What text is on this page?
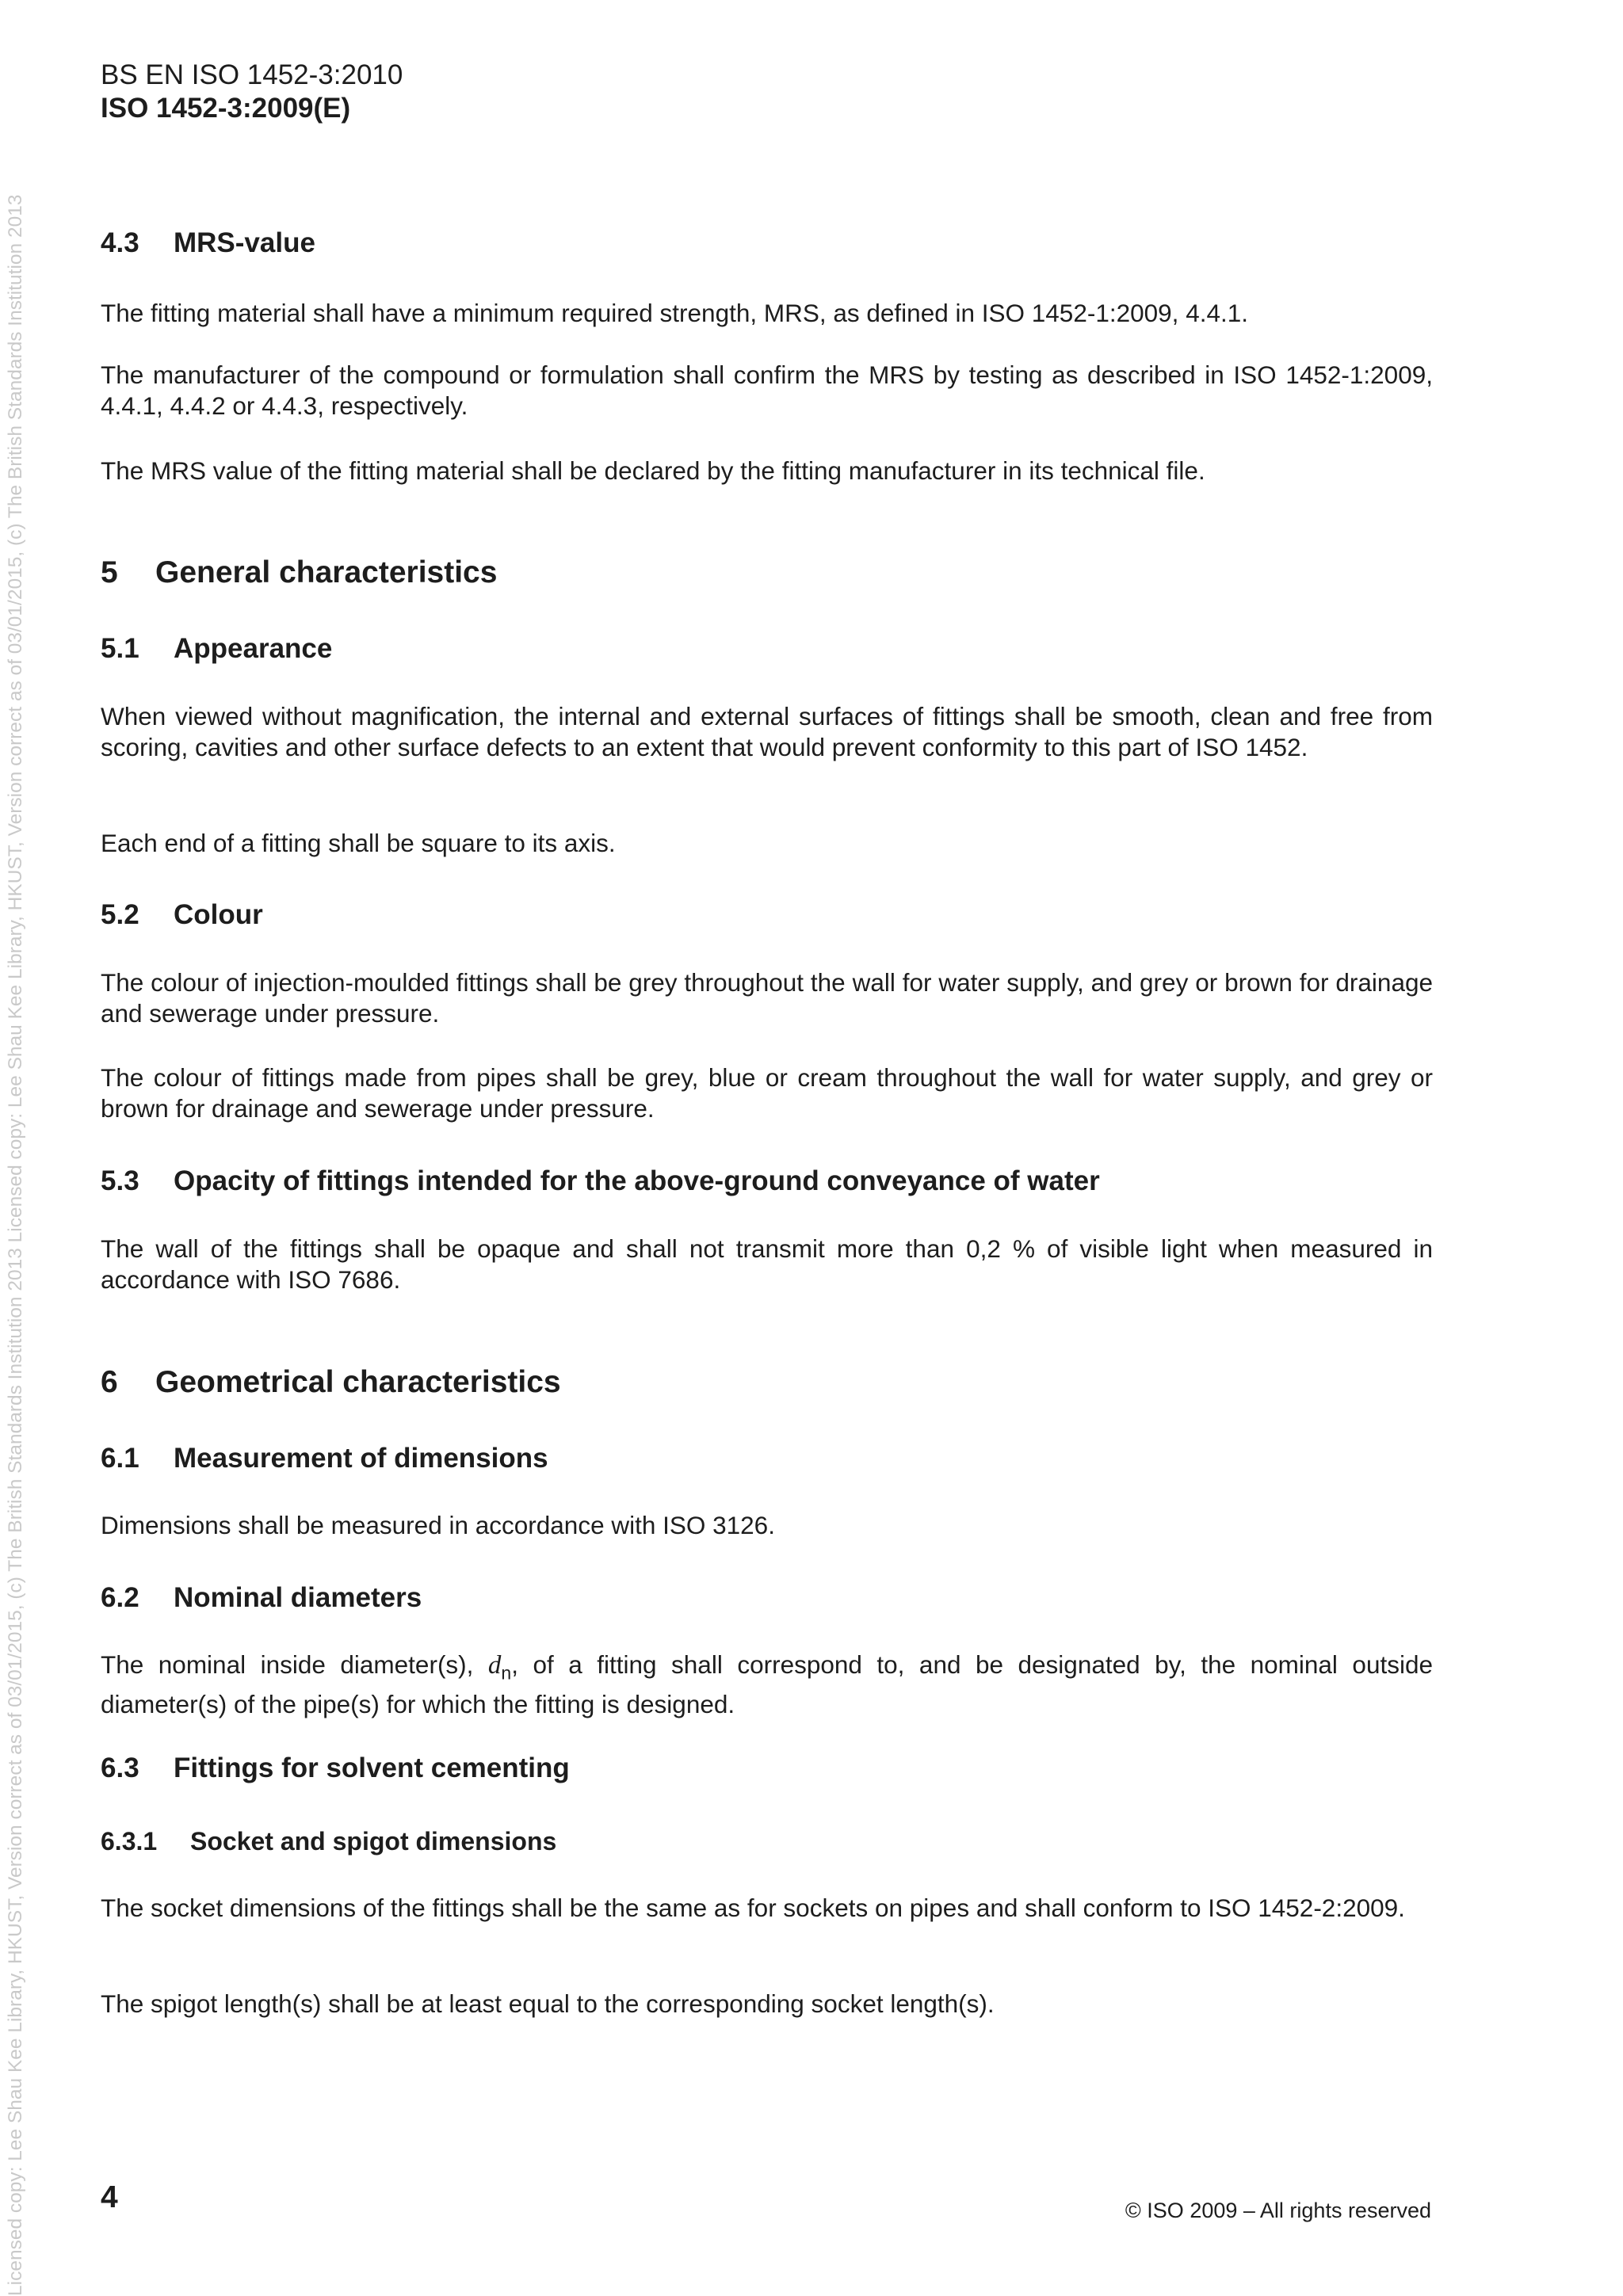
Licensed copy: Lee Shau Kee Library, HKUST, Version correct as of 03/01/2015, (c) The British Standards Institution 2013 Licensed copy: Lee Shau Kee Library, HKUST, Version correct as of 03/01/2015, (c) The British Standards Institution 2013
BS EN ISO 1452-3:2010
ISO 1452-3:2009(E)
4.3 MRS-value

The fitting material shall have a minimum required strength, MRS, as defined in ISO 1452-1:2009, 4.4.1.

The manufacturer of the compound or formulation shall confirm the MRS by testing as described in ISO 1452-1:2009, 4.4.1, 4.4.2 or 4.4.3, respectively.

The MRS value of the fitting material shall be declared by the fitting manufacturer in its technical file.

5 General characteristics
5.1 Appearance

When viewed without magnification, the internal and external surfaces of fittings shall be smooth, clean and free from scoring, cavities and other surface defects to an extent that would prevent conformity to this part of ISO 1452.

Each end of a fitting shall be square to its axis.

5.2 Colour

The colour of injection-moulded fittings shall be grey throughout the wall for water supply, and grey or brown for drainage and sewerage under pressure.

The colour of fittings made from pipes shall be grey, blue or cream throughout the wall for water supply, and grey or brown for drainage and sewerage under pressure.

5.3 Opacity of fittings intended for the above-ground conveyance of water

The wall of the fittings shall be opaque and shall not transmit more than 0,2 % of visible light when measured in accordance with ISO 7686.

6 Geometrical characteristics
6.1 Measurement of dimensions

Dimensions shall be measured in accordance with ISO 3126.

6.2 Nominal diameters

The nominal inside diameter(s), $d_n$, of a fitting shall correspond to, and be designated by, the nominal outside diameter(s) of the pipe(s) for which the fitting is designed.

6.3 Fittings for solvent cementing
6.3.1 Socket and spigot dimensions

The socket dimensions of the fittings shall be the same as for sockets on pipes and shall conform to ISO 1452-2:2009.

The spigot length(s) shall be at least equal to the corresponding socket length(s).

4	© ISO 2009 – All rights reserved
